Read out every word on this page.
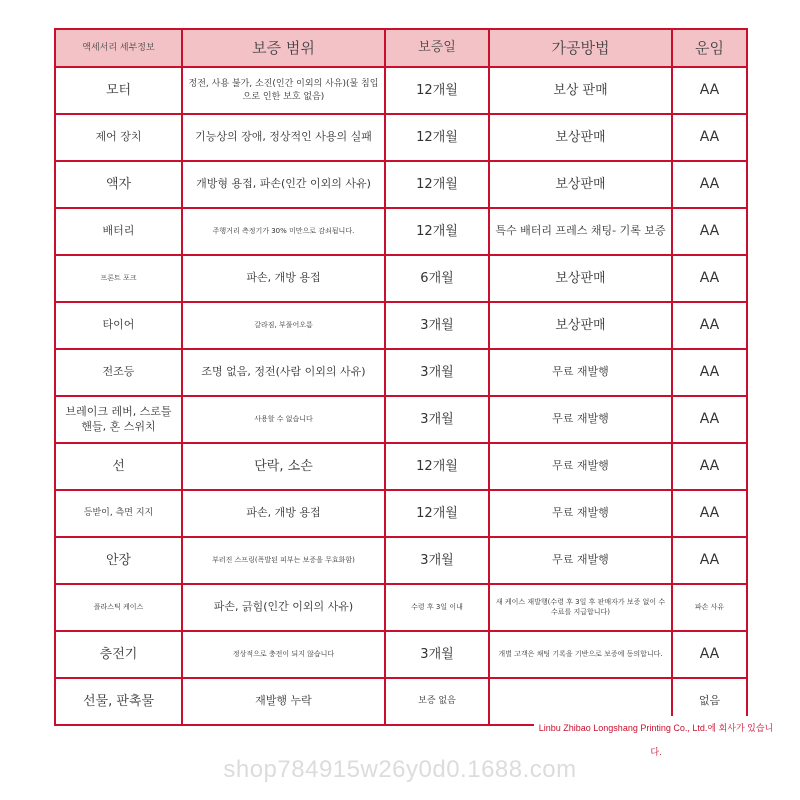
액세서리 세부정보	보증 범위	보증일	가공방법	운임
모터	정전, 사용 불가, 소진(인간 이외의 사유)(물 침입으로 인한 보호 없음)	12개월	보상 판매	AA
제어 장치	기능상의 장애, 정상적인 사용의 실패	12개월	보상판매	AA
액자	개방형 용접, 파손(인간 이외의 사유)	12개월	보상판매	AA
배터리	주행거리 측정기가 30% 미만으로 감쇠됩니다.	12개월	특수 배터리 프레스 채팅- 기록 보증	AA
프론트 포크	파손, 개방 용접	6개월	보상판매	AA
타이어	갈라짐, 부풀어오름	3개월	보상판매	AA
전조등	조명 없음, 정전(사람 이외의 사유)	3개월	무료 재발행	AA
브레이크 레버, 스로틀 핸들, 혼 스위치	사용할 수 없습니다	3개월	무료 재발행	AA
선	단락, 소손	12개월	무료 재발행	AA
등받이, 측면 지지	파손, 개방 용접	12개월	무료 재발행	AA
안장	부러진 스프링(폭발된 피부는 보증을 무효화함)	3개월	무료 재발행	AA
플라스틱 케이스	파손, 긁힘(인간 이외의 사유)	수령 후 3일 이내	새 케이스 재발행(수령 후 3일 후 판매자가 보증 없이 수수료를 지급합니다)	파손 사유
충전기	정상적으로 충전이 되지 않습니다	3개월	개별 고객은 채팅 기록을 기반으로 보증에 동의합니다.	AA
선물, 판촉물	재발행 누락	보증 없음		없음
Linbu Zhibao Longshang Printing Co., Ltd.에 회사가 있습니다.
shop784915w26y0d0.1688.com
